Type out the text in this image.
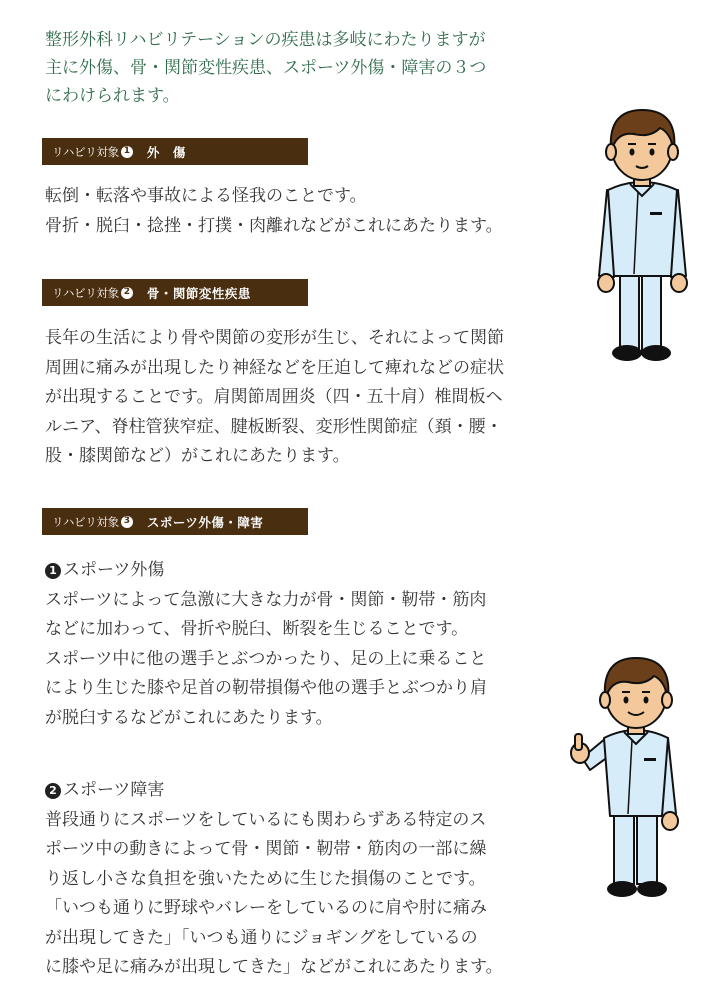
整形外科リハビリテーションの疾患は多岐にわたりますが

主に外傷、骨・関節変性疾患、スポーツ外傷・障害の３つ

にわけられます。

リハビリ対象 1 外　傷

転倒・転落や事故による怪我のことです。

骨折・脱臼・捻挫・打撲・肉離れなどがこれにあたります。

リハビリ対象 2 骨・関節変性疾患

長年の生活により骨や関節の変形が生じ、それによって関節

周囲に痛みが出現したり神経などを圧迫して痺れなどの症状

が出現することです。肩関節周囲炎（四・五十肩）椎間板ヘ

ルニア、脊柱管狭窄症、腱板断裂、変形性関節症（頚・腰・

股・膝関節など）がこれにあたります。

リハビリ対象 3 スポーツ外傷・障害
1 スポーツ外傷

スポーツによって急激に大きな力が骨・関節・靭帯・筋肉

などに加わって、骨折や脱臼、断裂を生じることです。

スポーツ中に他の選手とぶつかったり、足の上に乗ること

により生じた膝や足首の靭帯損傷や他の選手とぶつかり肩

が脱臼するなどがこれにあたります。

2 スポーツ障害

普段通りにスポーツをしているにも関わらずある特定のス

ポーツ中の動きによって骨・関節・靭帯・筋肉の一部に繰

り返し小さな負担を強いたために生じた損傷のことです。

「いつも通りに野球やバレーをしているのに肩や肘に痛み

が出現してきた」「いつも通りにジョギングをしているの

に膝や足に痛みが出現してきた」などがこれにあたります。
